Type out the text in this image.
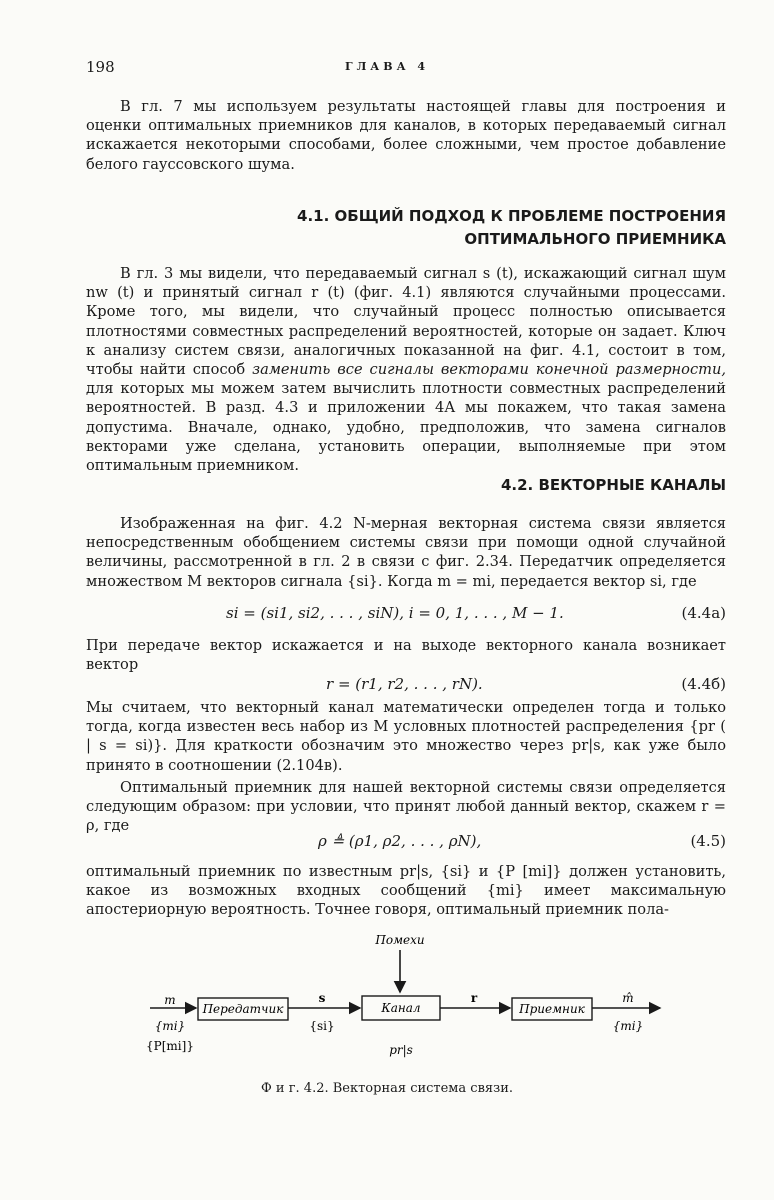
198	ГЛАВА 4

В гл. 7 мы используем результаты настоящей главы для построения и оценки оптимальных приемников для каналов, в которых передаваемый сигнал искажается некоторыми способами, более сложными, чем простое добавление белого гауссовского шума.

4.1. ОБЩИЙ ПОДХОД К ПРОБЛЕМЕ ПОСТРОЕНИЯ
ОПТИМАЛЬНОГО ПРИЕМНИКА

В гл. 3 мы видели, что передаваемый сигнал s (t), искажающий сигнал шум nw (t) и принятый сигнал r (t) (фиг. 4.1) являются случайными процессами. Кроме того, мы видели, что случайный процесс полностью описывается плотностями совместных распределений вероятностей, которые он задает. Ключ к анализу систем связи, аналогичных показанной на фиг. 4.1, состоит в том, чтобы найти способ заменить все сигналы векторами конечной размерности, для которых мы можем затем вычислить плотности совместных распределений вероятностей. В разд. 4.3 и приложении 4А мы покажем, что такая замена допустима. Вначале, однако, удобно, предположив, что замена сигналов векторами уже сделана, установить операции, выполняемые при этом оптимальным приемником.

4.2. ВЕКТОРНЫЕ КАНАЛЫ

Изображенная на фиг. 4.2 N-мерная векторная система связи является непосредственным обобщением системы связи при помощи одной случайной величины, рассмотренной в гл. 2 в связи с фиг. 2.34. Передатчик определяется множеством M векторов сигнала {si}. Когда m = mi, передается вектор si, где

si = (si1, si2, . . . , siN), i = 0, 1, . . . , M − 1.	(4.4а)

При передаче вектор искажается и на выходе векторного канала возникает вектор

r = (r1, r2, . . . , rN).	(4.4б)

Мы считаем, что векторный канал математически определен тогда и только тогда, когда известен весь набор из M условных плотностей распределения {pr ( | s = si)}. Для краткости обозначим это множество через pr|s, как уже было принято в соотношении (2.104в).

Оптимальный приемник для нашей векторной системы связи определяется следующим образом: при условии, что принят любой данный вектор, скажем r = ρ, где

ρ ≜ (ρ1, ρ2, . . . , ρN),	(4.5)

оптимальный приемник по известным pr|s, {si} и {P [mi]} должен установить, какое из возможных входных сообщений {mi} имеет максимальную апостериорную вероятность. Точнее говоря, оптимальный приемник пола-

Помехи
m
{mi}
{P[mi]}
Передатчик
s
{si}
Канал
pr|s
r
Приемник
m̂
{mi}
Ф и г. 4.2. Векторная система связи.
